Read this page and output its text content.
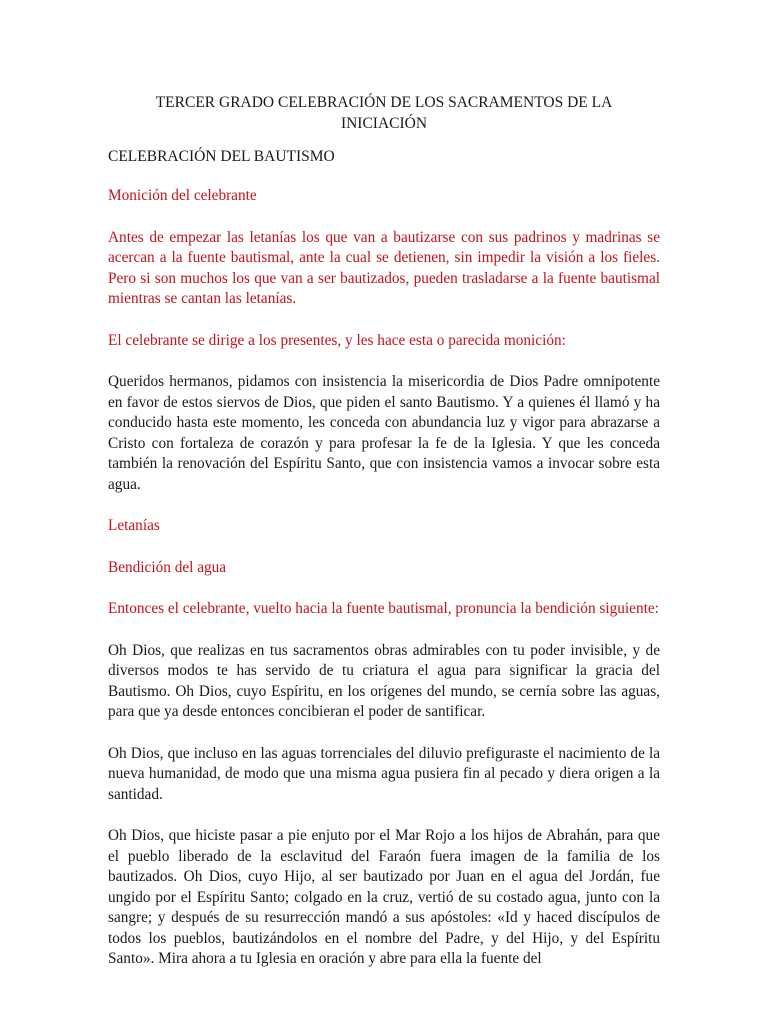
TERCER GRADO CELEBRACIÓN DE LOS SACRAMENTOS DE LA INICIACIÓN
CELEBRACIÓN DEL BAUTISMO

Monición del celebrante

Antes de empezar las letanías los que van a bautizarse con sus padrinos y madrinas se acercan a la fuente bautismal, ante la cual se detienen, sin impedir la visión a los fieles. Pero si son muchos los que van a ser bautizados, pueden trasladarse a la fuente bautismal mientras se cantan las letanías.

El celebrante se dirige a los presentes, y les hace esta o parecida monición:

Queridos hermanos, pidamos con insistencia la misericordia de Dios Padre omnipotente en favor de estos siervos de Dios, que piden el santo Bautismo. Y a quienes él llamó y ha conducido hasta este momento, les conceda con abundancia luz y vigor para abrazarse a Cristo con fortaleza de corazón y para profesar la fe de la Iglesia. Y que les conceda también la renovación del Espíritu Santo, que con insistencia vamos a invocar sobre esta agua.

Letanías

Bendición del agua

Entonces el celebrante, vuelto hacia la fuente bautismal, pronuncia la bendición siguiente:

Oh Dios, que realizas en tus sacramentos obras admirables con tu poder invisible, y de diversos modos te has servido de tu criatura el agua para significar la gracia del Bautismo. Oh Dios, cuyo Espíritu, en los orígenes del mundo, se cernía sobre las aguas, para que ya desde entonces concibieran el poder de santificar.

Oh Dios, que incluso en las aguas torrenciales del diluvio prefiguraste el nacimiento de la nueva humanidad, de modo que una misma agua pusiera fin al pecado y diera origen a la santidad.

Oh Dios, que hiciste pasar a pie enjuto por el Mar Rojo a los hijos de Abrahán, para que el pueblo liberado de la esclavitud del Faraón fuera imagen de la familia de los bautizados. Oh Dios, cuyo Hijo, al ser bautizado por Juan en el agua del Jordán, fue ungido por el Espíritu Santo; colgado en la cruz, vertió de su costado agua, junto con la sangre; y después de su resurrección mandó a sus apóstoles: «Id y haced discípulos de todos los pueblos, bautizándolos en el nombre del Padre, y del Hijo, y del Espíritu Santo». Mira ahora a tu Iglesia en oración y abre para ella la fuente del
